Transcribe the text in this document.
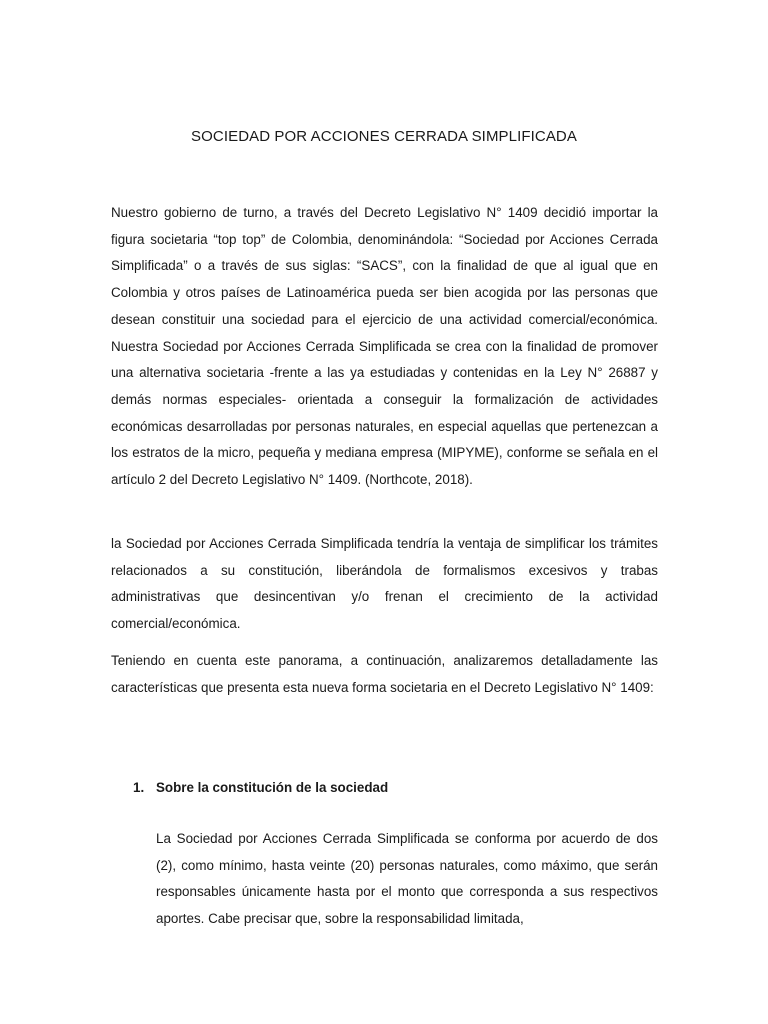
SOCIEDAD POR ACCIONES CERRADA SIMPLIFICADA

Nuestro gobierno de turno, a través del Decreto Legislativo N° 1409 decidió importar la figura societaria “top top” de Colombia, denominándola: “Sociedad por Acciones Cerrada Simplificada” o a través de sus siglas: “SACS”, con la finalidad de que al igual que en Colombia y otros países de Latinoamérica pueda ser bien acogida por las personas que desean constituir una sociedad para el ejercicio de una actividad comercial/económica. Nuestra Sociedad por Acciones Cerrada Simplificada se crea con la finalidad de promover una alternativa societaria -frente a las ya estudiadas y contenidas en la Ley N° 26887 y demás normas especiales- orientada a conseguir la formalización de actividades económicas desarrolladas por personas naturales, en especial aquellas que pertenezcan a los estratos de la micro, pequeña y mediana empresa (MIPYME), conforme se señala en el artículo 2 del Decreto Legislativo N° 1409. (Northcote, 2018).

la Sociedad por Acciones Cerrada Simplificada tendría la ventaja de simplificar los trámites relacionados a su constitución, liberándola de formalismos excesivos y trabas administrativas que desincentivan y/o frenan el crecimiento de la actividad comercial/económica.

Teniendo en cuenta este panorama, a continuación, analizaremos detalladamente las características que presenta esta nueva forma societaria en el Decreto Legislativo N° 1409:

1. Sobre la constitución de la sociedad

La Sociedad por Acciones Cerrada Simplificada se conforma por acuerdo de dos (2), como mínimo, hasta veinte (20) personas naturales, como máximo, que serán responsables únicamente hasta por el monto que corresponda a sus respectivos aportes. Cabe precisar que, sobre la responsabilidad limitada,
